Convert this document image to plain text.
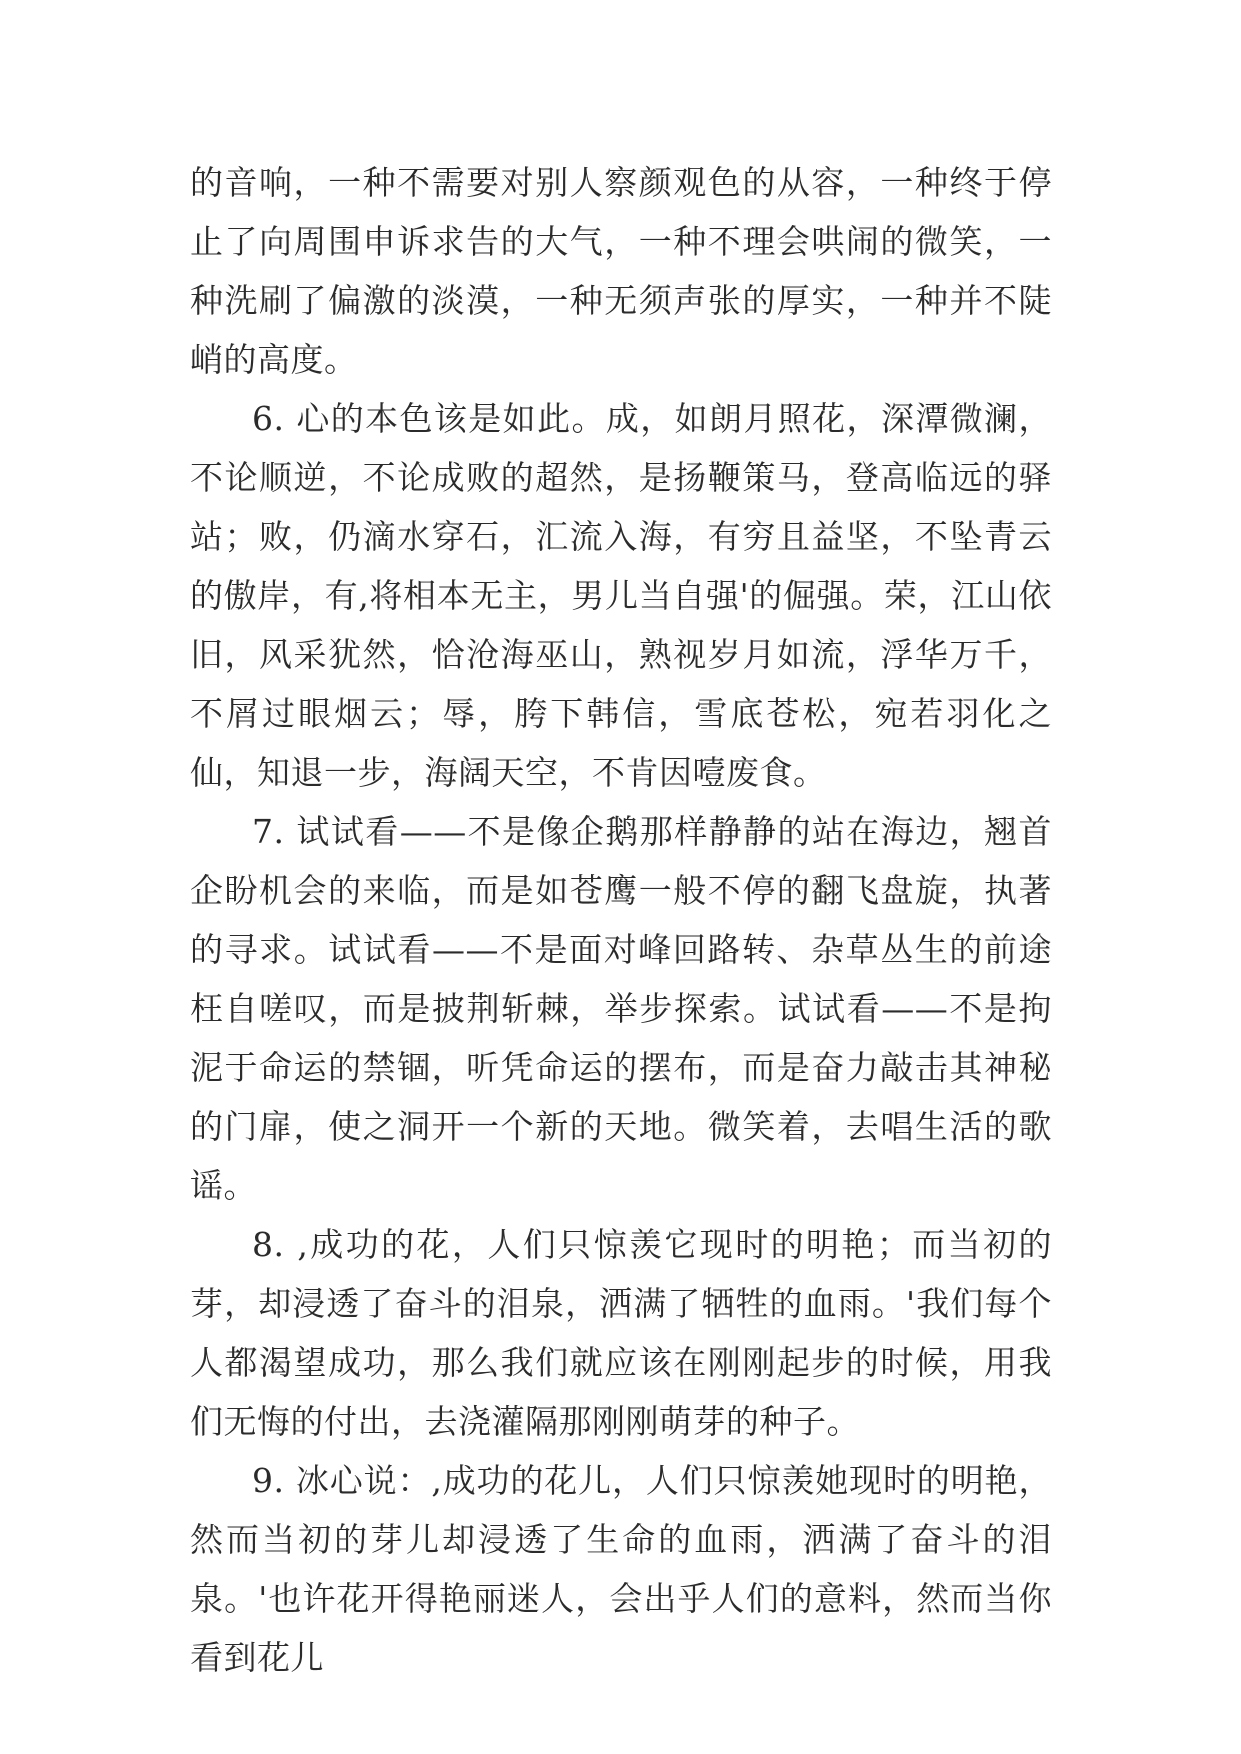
的音响，一种不需要对别人察颜观色的从容，一种终于停止了向周围申诉求告的大气，一种不理会哄闹的微笑，一种洗刷了偏激的淡漠，一种无须声张的厚实，一种并不陡峭的高度。

6. 心的本色该是如此。成，如朗月照花，深潭微澜，不论顺逆，不论成败的超然，是扬鞭策马，登高临远的驿站；败，仍滴水穿石，汇流入海，有穷且益坚，不坠青云的傲岸，有,将相本无主，男儿当自强'的倔强。荣，江山依旧，风采犹然，恰沧海巫山，熟视岁月如流，浮华万千，不屑过眼烟云；辱，胯下韩信，雪底苍松，宛若羽化之仙，知退一步，海阔天空，不肯因噎废食。

7. 试试看——不是像企鹅那样静静的站在海边，翘首企盼机会的来临，而是如苍鹰一般不停的翻飞盘旋，执著的寻求。试试看——不是面对峰回路转、杂草丛生的前途枉自嗟叹，而是披荆斩棘，举步探索。试试看——不是拘泥于命运的禁锢，听凭命运的摆布，而是奋力敲击其神秘的门扉，使之洞开一个新的天地。微笑着，去唱生活的歌谣。

8. ,成功的花，人们只惊羡它现时的明艳；而当初的芽，却浸透了奋斗的泪泉，洒满了牺牲的血雨。'我们每个人都渴望成功，那么我们就应该在刚刚起步的时候，用我们无悔的付出，去浇灌隔那刚刚萌芽的种子。

9. 冰心说：,成功的花儿，人们只惊羡她现时的明艳，然而当初的芽儿却浸透了生命的血雨，洒满了奋斗的泪泉。'也许花开得艳丽迷人，会出乎人们的意料，然而当你看到花儿
